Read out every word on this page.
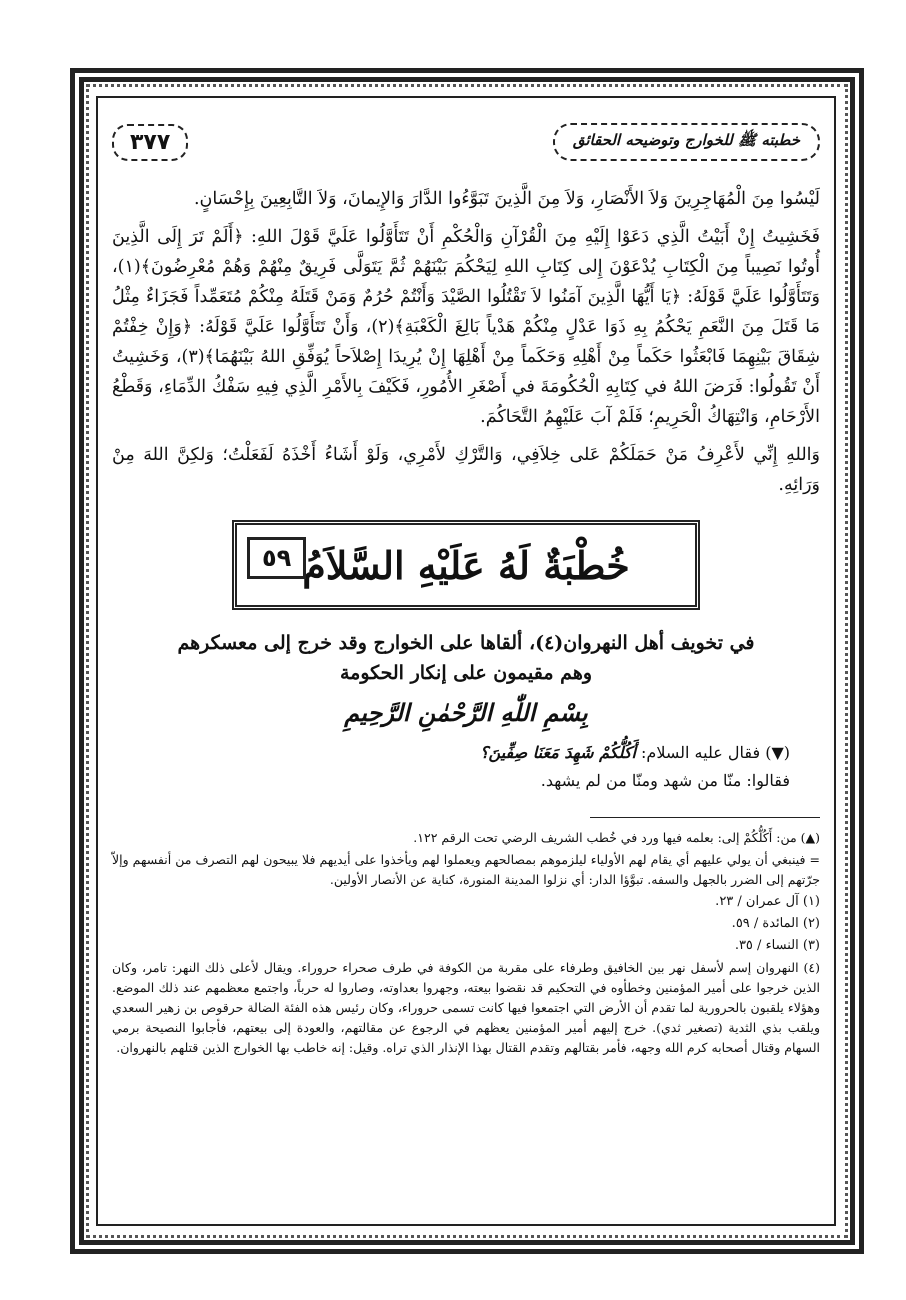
خطبته ﷺ للخوارج وتوضيحه الحقائق
٣٧٧

لَيْسُوا مِنَ الْمُهَاجِرِينَ وَلاَ الأَنْصَارِ، وَلاَ مِنَ الَّذِينَ تَبَوَّءُوا الدَّارَ وَالإِيمانَ، وَلاَ التَّابِعِينَ بِإِحْسَانٍ.

فَخَشِيتُ إِنْ أَبَيْتُ الَّذِي دَعَوْا إِلَيْهِ مِنَ الْقُرْآنِ وَالْحُكْمِ أَنْ تَتَأَوَّلُوا عَلَيَّ قَوْلَ اللهِ: ﴿أَلَمْ تَرَ إِلَى الَّذِينَ أُوتُوا نَصِيباً مِنَ الْكِتَابِ يُدْعَوْنَ إِلى كِتَابِ اللهِ لِيَحْكُمَ بَيْنَهُمْ ثُمَّ يَتَوَلَّى فَرِيقٌ مِنْهُمْ وَهُمْ مُعْرِضُونَ﴾(١)، وَتَتَأَوَّلُوا عَلَيَّ قَوْلَهُ: ﴿يَا أَيُّهَا الَّذِينَ آمَنُوا لاَ تَقْتُلُوا الصَّيْدَ وَأَنْتُمْ حُرُمٌ وَمَنْ قَتَلَهُ مِنْكُمْ مُتَعَمِّداً فَجَزَاءٌ مِثْلُ مَا قَتَلَ مِنَ النَّعَمِ يَحْكُمُ بِهِ ذَوَا عَدْلٍ مِنْكُمْ هَدْياً بَالِغَ الْكَعْبَةِ﴾(٢)، وَأَنْ تَتَأَوَّلُوا عَلَيَّ قَوْلَهُ: ﴿وَإِنْ خِفْتُمْ شِقَاقَ بَيْنِهِمَا فَابْعَثُوا حَكَماً مِنْ أَهْلِهِ وَحَكَماً مِنْ أَهْلِهَا إِنْ يُرِيدَا إِصْلاَحاً يُوَفِّقِ اللهُ بَيْنَهُمَا﴾(٣)، وَخَشِيتُ أَنْ تَقُولُوا: فَرَضَ اللهُ في كِتَابِهِ الْحُكُومَةَ في أَصْغَرِ الأُمُورِ، فَكَيْفَ بِالأَمْرِ الَّذِي فِيهِ سَفْكُ الدِّمَاءِ، وَقَطْعُ الأَرْحَامِ، وَانْتِهَاكُ الْحَرِيمِ؛ فَلَمْ آبَ عَلَيْهِمُ التَّحَاكُمَ.

وَاللهِ إِنِّي لأَعْرِفُ مَنْ حَمَلَكُمْ عَلى خِلاَفِي، وَالتَّرْكِ لأَمْرِي، وَلَوْ أَشَاءُ أَخْذَهُ لَفَعَلْتُ؛ وَلكِنَّ اللهَ مِنْ وَرَائِهِ.

خُطْبَةٌ لَهُ عَلَيْهِ السَّلاَمُ
٥٩
في تخويف أهل النهروان(٤)، ألقاها على الخوارج وقد خرج إلى معسكرهم
وهم مقيمون على إنكار الحكومة
بِسْمِ اللّٰهِ الرَّحْمٰنِ الرَّحِيمِ
(▼) فقال عليه السلام: أَكُلُّكُمْ شَهِدَ مَعَنَا صِفِّينَ؟
فقالوا: منّا من شهد ومنّا من لم يشهد.
(▲) من: أَكُلُّكُمْ إلى: بعلمه فيها ورد في خُطب الشريف الرضي تحت الرقم ١٢٢.
= فينبغي أن يولي عليهم أي يقام لهم الأولياء ليلزموهم بمصالحهم ويعملوا لهم ويأخذوا على أيديهم فلا يبيحون لهم التصرف من أنفسهم وإلاّ جرّتهم إلى الضرر بالجهل والسفه. تبوَّؤا الدار: أي نزلوا المدينة المنورة، كناية عن الأنصار الأولين.
(١) آل عمران / ٢٣.
(٢) المائدة / ٥٩.
(٣) النساء / ٣٥.
(٤) النهروان إسم لأسفل نهر بين الخافيق وطرفاء على مقربة من الكوفة في طرف صحراء حروراء. ويقال لأعلى ذلك النهر: تامر، وكان الذين خرجوا على أمير المؤمنين وخطأوه في التحكيم قد نقضوا بيعته، وجهروا بعداوته، وصاروا له حرباً، واجتمع معظمهم عند ذلك الموضع. وهؤلاء يلقبون بالحرورية لما تقدم أن الأرض التي اجتمعوا فيها كانت تسمى حروراء، وكان رئيس هذه الفئة الضالة حرقوص بن زهير السعدي ويلقب بذي الثدية (تصغير ثدي). خرج إليهم أمير المؤمنين يعظهم في الرجوع عن مقالتهم، والعودة إلى بيعتهم، فأجابوا النصيحة برمي السهام وقتال أصحابه كرم الله وجهه، فأمر بقتالهم وتقدم القتال بهذا الإنذار الذي تراه. وقيل: إنه خاطب بها الخوارج الذين قتلهم بالنهروان.
